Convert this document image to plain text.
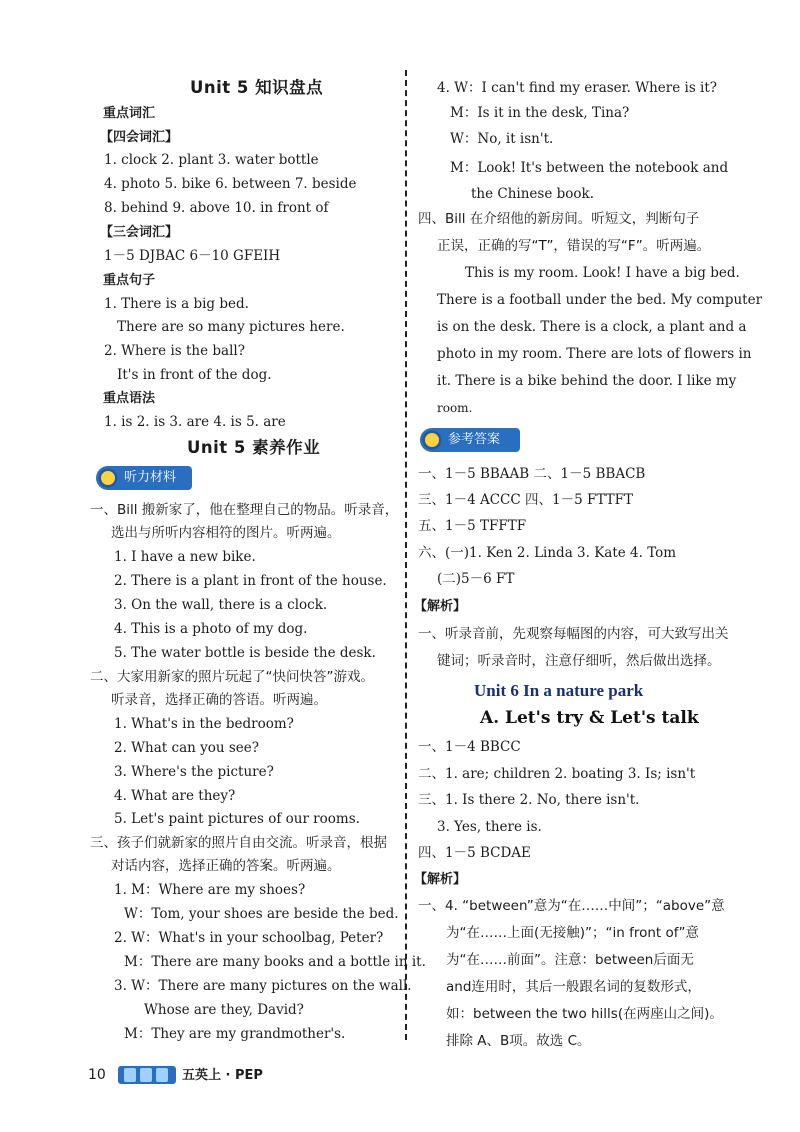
Unit 5 知识盘点
重点词汇
【四会词汇】
1. clock 2. plant 3. water bottle
4. photo 5. bike 6. between 7. beside
8. behind 9. above 10. in front of
【三会词汇】
1－5 DJBAC 6－10 GFEIH
重点句子
1. There is a big bed.
There are so many pictures here.
2. Where is the ball?
It's in front of the dog.
重点语法
1. is 2. is 3. are 4. is 5. are
Unit 5 素养作业
听力材料
一、Bill 搬新家了，他在整理自己的物品。听录音，
选出与所听内容相符的图片。听两遍。
1. I have a new bike.
2. There is a plant in front of the house.
3. On the wall, there is a clock.
4. This is a photo of my dog.
5. The water bottle is beside the desk.
二、大家用新家的照片玩起了“快问快答”游戏。
听录音，选择正确的答语。听两遍。
1. What's in the bedroom?
2. What can you see?
3. Where's the picture?
4. What are they?
5. Let's paint pictures of our rooms.
三、孩子们就新家的照片自由交流。听录音，根据
对话内容，选择正确的答案。听两遍。
1. M：Where are my shoes?
W：Tom, your shoes are beside the bed.
2. W：What's in your schoolbag, Peter?
M：There are many books and a bottle in it.
3. W：There are many pictures on the wall.
Whose are they, David?
M：They are my grandmother's.
4. W：I can't find my eraser. Where is it?
M：Is it in the desk, Tina?
W：No, it isn't.
M：Look! It's between the notebook and
the Chinese book.
四、Bill 在介绍他的新房间。听短文，判断句子
正误，正确的写“T”，错误的写“F”。听两遍。
This is my room. Look! I have a big bed.
There is a football under the bed. My computer
is on the desk. There is a clock, a plant and a
photo in my room. There are lots of flowers in
it. There is a bike behind the door. I like my
room.
参考答案
一、1－5 BBAAB 二、1－5 BBACB
三、1－4 ACCC 四、1－5 FTTFT
五、1－5 TFFTF
六、(一)1. Ken 2. Linda 3. Kate 4. Tom
(二)5－6 FT
【解析】
一、听录音前，先观察每幅图的内容，可大致写出关
键词；听录音时，注意仔细听，然后做出选择。
Unit 6 In a nature park
A. Let's try & Let's talk
一、1－4 BBCC
二、1. are; children 2. boating 3. Is; isn't
三、1. Is there 2. No, there isn't.
3. Yes, there is.
四、1－5 BCDAE
【解析】
一、4. “between”意为“在……中间”；“above”意
为“在……上面(无接触)”；“in front of”意
为“在……前面”。注意：between后面无
and连用时，其后一般跟名词的复数形式，
如：between the two hills(在两座山之间)。
排除 A、B项。故选 C。
10	五英上 · PEP
